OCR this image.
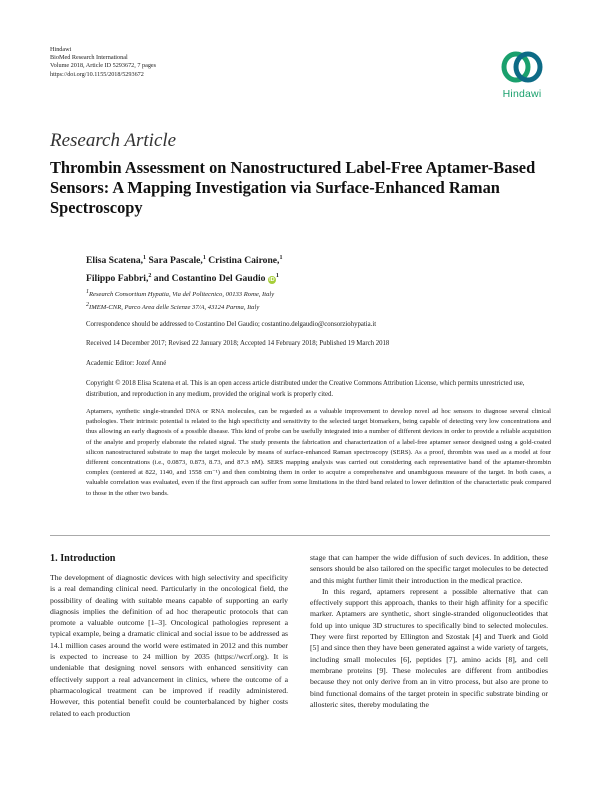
Hindawi
BioMed Research International
Volume 2018, Article ID 5293672, 7 pages
https://doi.org/10.1155/2018/5293672
Hindawi
Research Article
Thrombin Assessment on Nanostructured Label-Free Aptamer-Based Sensors: A Mapping Investigation via Surface-Enhanced Raman Spectroscopy
Elisa Scatena,$^1$ Sara Pascale,$^1$ Cristina Cairone,$^1$
Filippo Fabbri,$^2$ and Costantino Del Gaudio $iD^1$
$^1$Research Consortium Hypatia, Via del Politecnico, 00133 Rome, Italy
$^2$IMEM-CNR, Parco Area delle Scienze 37/A, 43124 Parma, Italy
Correspondence should be addressed to Costantino Del Gaudio; costantino.delgaudio@consorziohypatia.it
Received 14 December 2017; Revised 22 January 2018; Accepted 14 February 2018; Published 19 March 2018
Academic Editor: Jozef Anné
Copyright © 2018 Elisa Scatena et al. This is an open access article distributed under the Creative Commons Attribution License, which permits unrestricted use, distribution, and reproduction in any medium, provided the original work is properly cited.
Aptamers, synthetic single-stranded DNA or RNA molecules, can be regarded as a valuable improvement to develop novel ad hoc sensors to diagnose several clinical pathologies. Their intrinsic potential is related to the high specificity and sensitivity to the selected target biomarkers, being capable of detecting very low concentrations and thus allowing an early diagnosis of a possible disease. This kind of probe can be usefully integrated into a number of different devices in order to provide a reliable acquisition of the analyte and properly elaborate the related signal. The study presents the fabrication and characterization of a label-free aptamer sensor designed using a gold-coated silicon nanostructured substrate to map the target molecule by means of surface-enhanced Raman spectroscopy (SERS). As a proof, thrombin was used as a model at four different concentrations (i.e., 0.0873, 0.873, 8.73, and 87.3 nM). SERS mapping analysis was carried out considering each representative band of the aptamer-thrombin complex (centered at 822, 1140, and 1558 cm⁻¹) and then combining them in order to acquire a comprehensive and unambiguous measure of the target. In both cases, a valuable correlation was evaluated, even if the first approach can suffer from some limitations in the third band related to lower definition of the characteristic peak compared to those in the other two bands.
1. Introduction

The development of diagnostic devices with high selectivity and specificity is a real demanding clinical need. Particularly in the oncological field, the possibility of dealing with suitable means capable of supporting an early diagnosis implies the definition of ad hoc therapeutic protocols that can promote a valuable outcome [1–3]. Oncological pathologies represent a typical example, being a dramatic clinical and social issue to be addressed as 14.1 million cases around the world were estimated in 2012 and this number is expected to increase to 24 million by 2035 (https://wcrf.org). It is undeniable that designing novel sensors with enhanced sensitivity can effectively support a real advancement in clinics, where the outcome of a pharmacological treatment can be improved if readily administered. However, this potential benefit could be counterbalanced by higher costs related to each production

stage that can hamper the wide diffusion of such devices. In addition, these sensors should be also tailored on the specific target molecules to be detected and this might further limit their introduction in the medical practice.

In this regard, aptamers represent a possible alternative that can effectively support this approach, thanks to their high affinity for a specific marker. Aptamers are synthetic, short single-stranded oligonucleotides that fold up into unique 3D structures to specifically bind to selected molecules. They were first reported by Ellington and Szostak [4] and Tuerk and Gold [5] and since then they have been generated against a wide variety of targets, including small molecules [6], peptides [7], amino acids [8], and cell membrane proteins [9]. These molecules are different from antibodies because they not only derive from an in vitro process, but also are prone to bind functional domains of the target protein in specific substrate binding or allosteric sites, thereby modulating the
